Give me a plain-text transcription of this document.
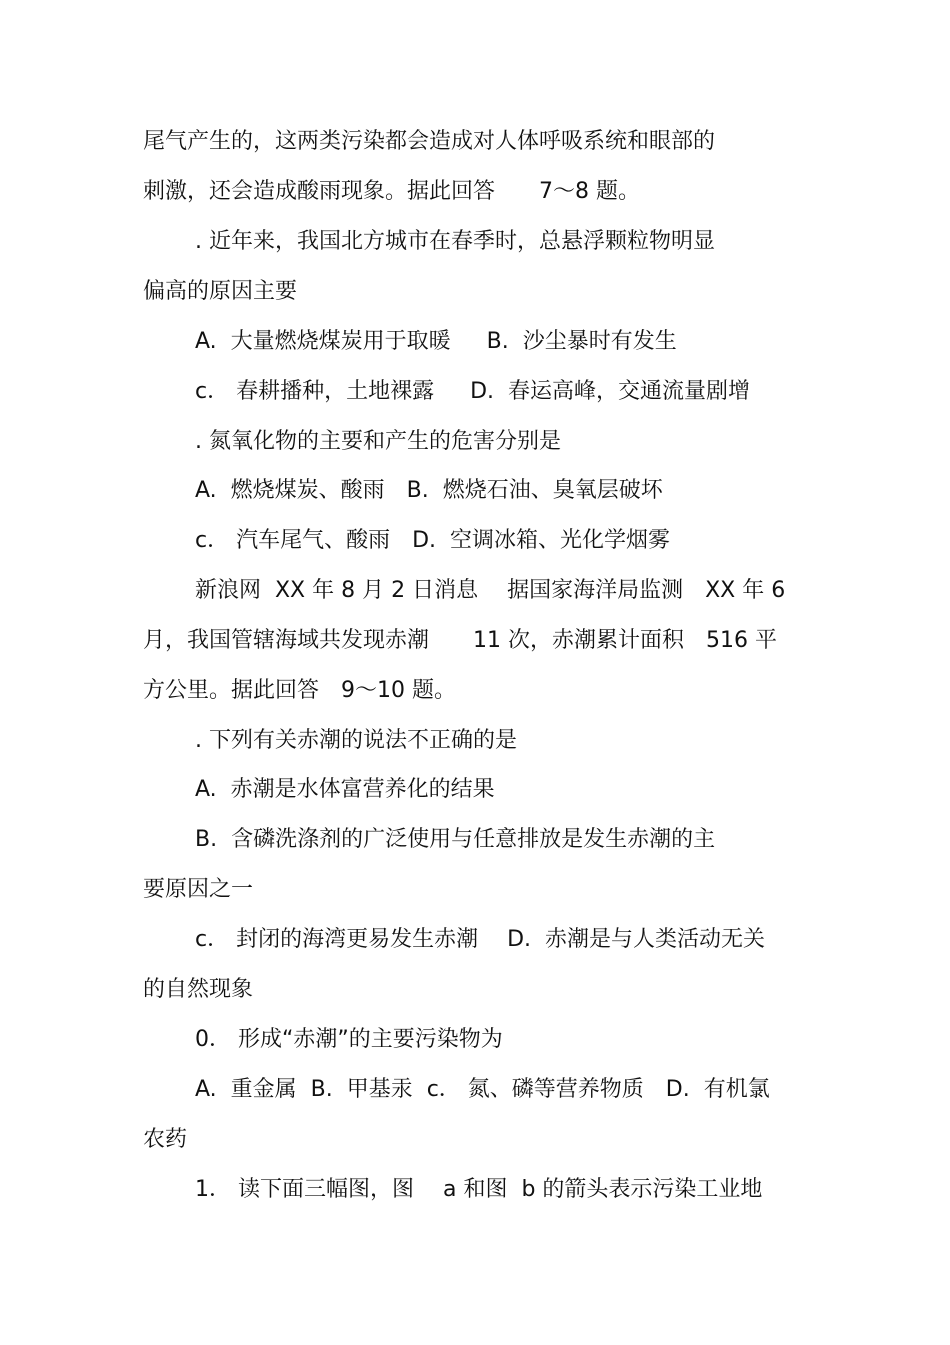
尾气产生的，这两类污染都会造成对人体呼吸系统和眼部的
刺激，还会造成酸雨现象。据此回答　　7～8 题。
. 近年来，我国北方城市在春季时，总悬浮颗粒物明显
偏高的原因主要
A.  大量燃烧煤炭用于取暖　  B.  沙尘暴时有发生
c． 春耕播种，土地裸露　  D.  春运高峰，交通流量剧增
. 氮氧化物的主要和产生的危害分别是
A.  燃烧煤炭、酸雨　B.  燃烧石油、臭氧层破坏
c． 汽车尾气、酸雨　D.  空调冰箱、光化学烟雾
新浪网  XX 年 8 月 2 日消息　 据国家海洋局监测　XX 年 6
月，我国管辖海域共发现赤潮　　11 次，赤潮累计面积　516 平
方公里。据此回答　9～10 题。
. 下列有关赤潮的说法不正确的是
A.  赤潮是水体富营养化的结果
B.  含磷洗涤剂的广泛使用与任意排放是发生赤潮的主
要原因之一
c． 封闭的海湾更易发生赤潮　 D.  赤潮是与人类活动无关
的自然现象
0． 形成“赤潮”的主要污染物为
A.  重金属  B.  甲基汞  c． 氮、磷等营养物质　D.  有机氯
农药
1． 读下面三幅图，图　 a 和图  b 的箭头表示污染工业地
